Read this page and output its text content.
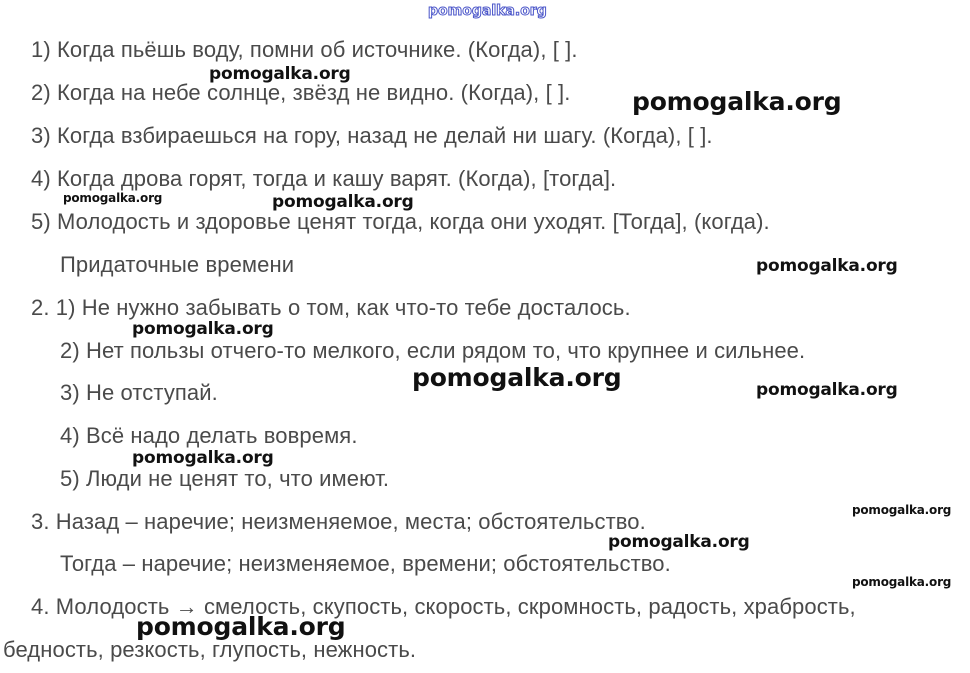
pomogalka.org
pomogalka.org
pomogalka.org
pomogalka.org	pomogalka.org
pomogalka.org
pomogalka.org
pomogalka.org	pomogalka.org
pomogalka.org
pomogalka.org
pomogalka.org
pomogalka.org
pomogalka.org
1) Когда пьёшь воду, помни об источнике. (Когда), [ ].
2) Когда на небе солнце, звёзд не видно. (Когда), [ ].
3) Когда взбираешься на гору, назад не делай ни шагу. (Когда), [ ].
4) Когда дрова горят, тогда и кашу варят. (Когда), [тогда].
5) Молодость и здоровье ценят тогда, когда они уходят. [Тогда], (когда).
Придаточные времени
2. 1) Не нужно забывать о том, как что-то тебе досталось.
2) Нет пользы отчего-то мелкого, если рядом то, что крупнее и сильнее.
3) Не отступай.
4) Всё надо делать вовремя.
5) Люди не ценят то, что имеют.
3. Назад – наречие; неизменяемое, места; обстоятельство.
Тогда – наречие; неизменяемое, времени; обстоятельство.
4. Молодость → смелость, скупость, скорость, скромность, радость, храбрость,
бедность, резкость, глупость, нежность.
